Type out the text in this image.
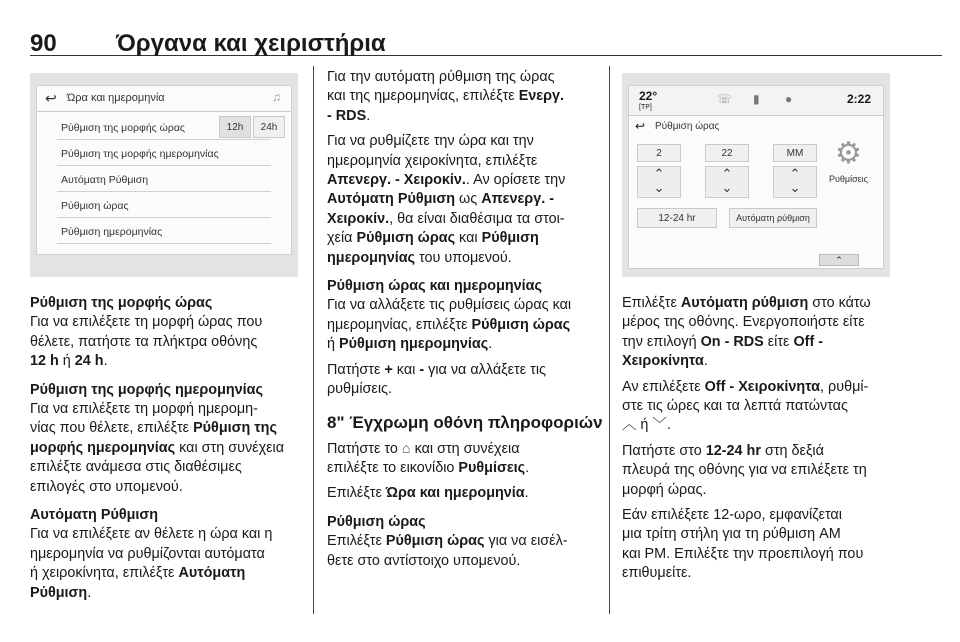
90 Όργανα και χειριστήρια
↩ Ώρα και ημερομηνία	♫
Ρύθμιση της μορφής ώρας	12h	24h
Ρύθμιση της μορφής ημερομηνίας
Αυτόματη Ρύθμιση
Ρύθμιση ώρας
Ρύθμιση ημερομηνίας

Ρύθμιση της μορφής ώρας

Για να επιλέξετε τη μορφή ώρας που

θέλετε, πατήστε τα πλήκτρα οθόνης

12 h ή 24 h.

Ρύθμιση της μορφής ημερομηνίας

Για να επιλέξετε τη μορφή ημερομη‐

νίας που θέλετε, επιλέξτε Ρύθμιση της

μορφής ημερομηνίας και στη συνέχεια

επιλέξτε ανάμεσα στις διαθέσιμες

επιλογές στο υπομενού.

Αυτόματη Ρύθμιση

Για να επιλέξετε αν θέλετε η ώρα και η

ημερομηνία να ρυθμίζονται αυτόματα

ή χειροκίνητα, επιλέξτε Αυτόματη

Ρύθμιση.

Για την αυτόματη ρύθμιση της ώρας

και της ημερομηνίας, επιλέξτε Ενεργ.

- RDS.

Για να ρυθμίζετε την ώρα και την

ημερομηνία χειροκίνητα, επιλέξτε

Απενεργ. - Χειροκίν.. Αν ορίσετε την

Αυτόματη Ρύθμιση ως Απενεργ. -

Χειροκίν., θα είναι διαθέσιμα τα στοι‐

χεία Ρύθμιση ώρας και Ρύθμιση

ημερομηνίας του υπομενού.

Ρύθμιση ώρας και ημερομηνίας

Για να αλλάξετε τις ρυθμίσεις ώρας και

ημερομηνίας, επιλέξτε Ρύθμιση ώρας

ή Ρύθμιση ημερομηνίας.

Πατήστε + και - για να αλλάξετε τις

ρυθμίσεις.

8" Έγχρωμη οθόνη πληροφοριών

Πατήστε το ⌂ και στη συνέχεια

επιλέξτε το εικονίδιο Ρυθμίσεις.

Επιλέξτε Ώρα και ημερομηνία.

Ρύθμιση ώρας

Επιλέξτε Ρύθμιση ώρας για να εισέλ‐

θετε στο αντίστοιχο υπομενού.

22°
[TP]
☏ ▮ ●	2:22
↩ Ρύθμιση ώρας
2	22	MM
⌃
⌄
⌃
⌄
⌃
⌄
12-24 hr	Αυτόματη ρύθμιση
⚙
Ρυθμίσεις
⌃

Επιλέξτε Αυτόματη ρύθμιση στο κάτω

μέρος της οθόνης. Ενεργοποιήστε είτε

την επιλογή On - RDS είτε Off -

Χειροκίνητα.

Αν επιλέξετε Off - Χειροκίνητα, ρυθμί‐

στε τις ώρες και τα λεπτά πατώντας

︿ ή ﹀.

Πατήστε στο 12-24 hr στη δεξιά

πλευρά της οθόνης για να επιλέξετε τη

μορφή ώρας.

Εάν επιλέξετε 12-ωρο, εμφανίζεται

μια τρίτη στήλη για τη ρύθμιση AM

και PM. Επιλέξτε την προεπιλογή που

επιθυμείτε.
